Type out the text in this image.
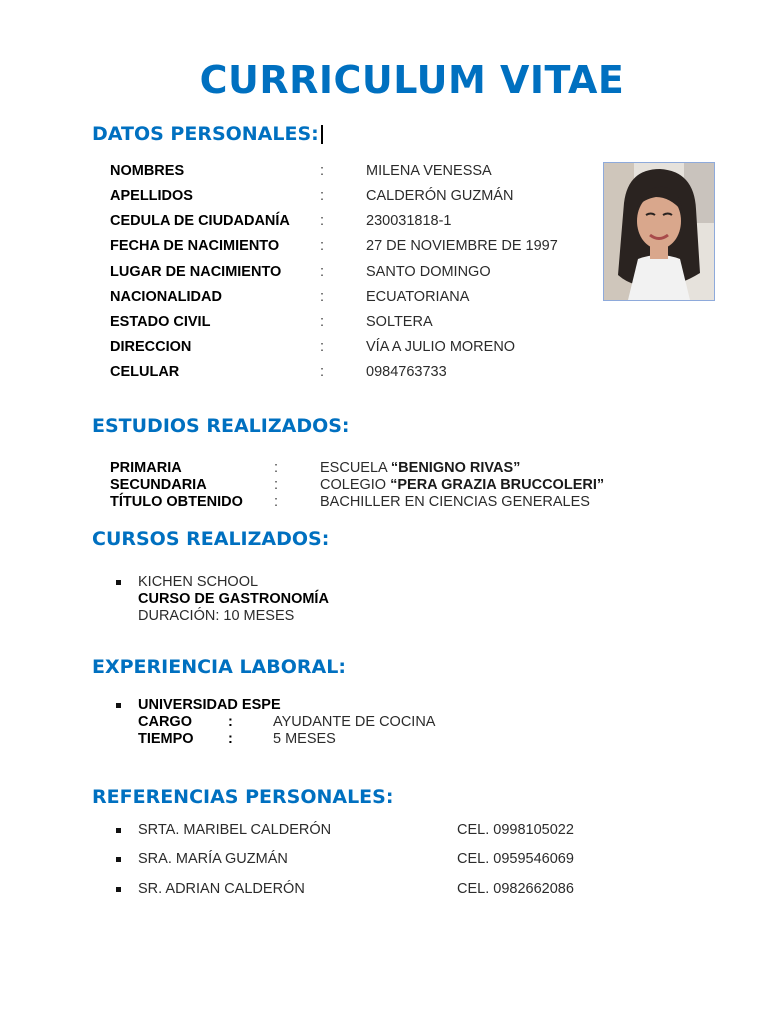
CURRICULUM VITAE
DATOS PERSONALES:
NOMBRES	:	MILENA VENESSA
APELLIDOS	:	CALDERÓN GUZMÁN
CEDULA DE CIUDADANÍA :	230031818-1
FECHA DE NACIMIENTO	:	27 DE NOVIEMBRE DE 1997
LUGAR DE NACIMIENTO	:	SANTO DOMINGO
NACIONALIDAD	:	ECUATORIANA
ESTADO CIVIL	:	SOLTERA
DIRECCION	:	VÍA A JULIO MORENO
CELULAR	:	0984763733
ESTUDIOS REALIZADOS:
PRIMARIA	:	ESCUELA “BENIGNO RIVAS”
SECUNDARIA	:	COLEGIO “PERA GRAZIA BRUCCOLERI”
TÍTULO OBTENIDO :	BACHILLER EN CIENCIAS GENERALES
CURSOS REALIZADOS:
KICHEN SCHOOL
CURSO DE GASTRONOMÍA
DURACIÓN: 10 MESES
EXPERIENCIA LABORAL:
UNIVERSIDAD ESPE
CARGO :	AYUDANTE DE COCINA
TIEMPO :	5 MESES
REFERENCIAS PERSONALES:
SRTA. MARIBEL CALDERÓN	CEL. 0998105022
SRA. MARÍA GUZMÁN	CEL. 0959546069
SR. ADRIAN CALDERÓN	CEL. 0982662086
